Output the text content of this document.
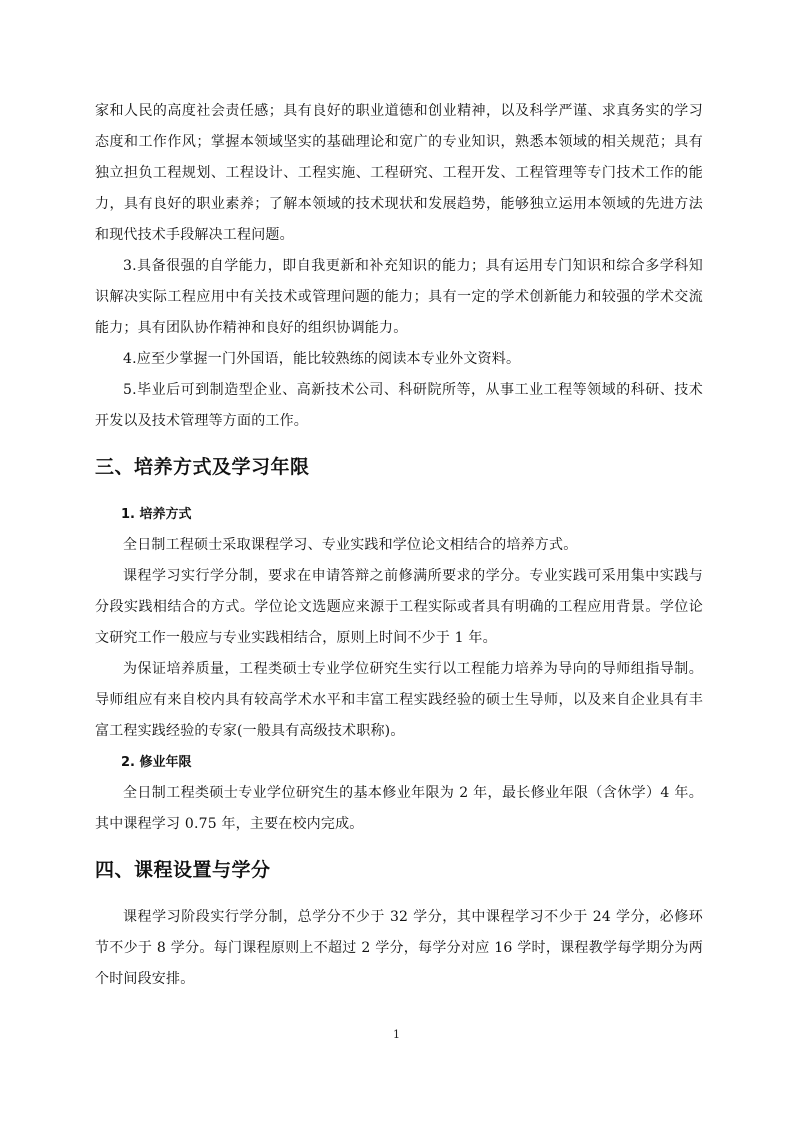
家和人民的高度社会责任感；具有良好的职业道德和创业精神，以及科学严谨、求真务实的学习态度和工作作风；掌握本领域坚实的基础理论和宽广的专业知识，熟悉本领域的相关规范；具有独立担负工程规划、工程设计、工程实施、工程研究、工程开发、工程管理等专门技术工作的能力，具有良好的职业素养；了解本领域的技术现状和发展趋势，能够独立运用本领域的先进方法和现代技术手段解决工程问题。

3.具备很强的自学能力，即自我更新和补充知识的能力；具有运用专门知识和综合多学科知识解决实际工程应用中有关技术或管理问题的能力；具有一定的学术创新能力和较强的学术交流能力；具有团队协作精神和良好的组织协调能力。

4.应至少掌握一门外国语，能比较熟练的阅读本专业外文资料。

5.毕业后可到制造型企业、高新技术公司、科研院所等，从事工业工程等领域的科研、技术开发以及技术管理等方面的工作。

三、培养方式及学习年限
1. 培养方式

全日制工程硕士采取课程学习、专业实践和学位论文相结合的培养方式。

课程学习实行学分制，要求在申请答辩之前修满所要求的学分。专业实践可采用集中实践与分段实践相结合的方式。学位论文选题应来源于工程实际或者具有明确的工程应用背景。学位论文研究工作一般应与专业实践相结合，原则上时间不少于 1 年。

为保证培养质量，工程类硕士专业学位研究生实行以工程能力培养为导向的导师组指导制。导师组应有来自校内具有较高学术水平和丰富工程实践经验的硕士生导师，以及来自企业具有丰富工程实践经验的专家(一般具有高级技术职称)。

2. 修业年限

全日制工程类硕士专业学位研究生的基本修业年限为 2 年，最长修业年限（含休学）4 年。其中课程学习 0.75 年，主要在校内完成。

四、课程设置与学分

课程学习阶段实行学分制，总学分不少于 32 学分，其中课程学习不少于 24 学分，必修环节不少于 8 学分。每门课程原则上不超过 2 学分，每学分对应 16 学时，课程教学每学期分为两个时间段安排。

1
